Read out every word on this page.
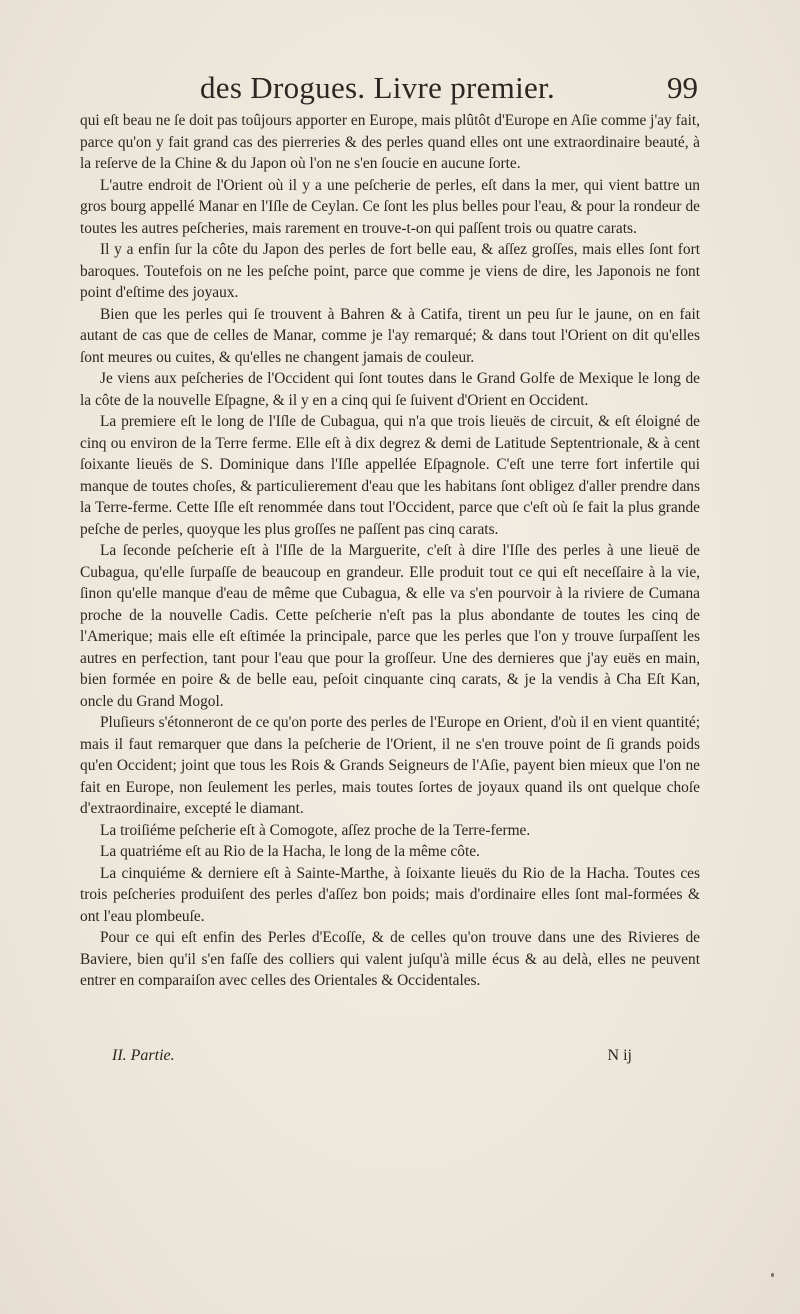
des Drogues. Livre premier.	99

qui eſt beau ne ſe doit pas toûjours apporter en Europe, mais plûtôt d'Europe en Aſie comme j'ay fait, parce qu'on y fait grand cas des pierreries & des perles quand elles ont une extraordinaire beauté, à la reſerve de la Chine & du Japon où l'on ne s'en ſoucie en aucune ſorte.

L'autre endroit de l'Orient où il y a une peſcherie de perles, eſt dans la mer, qui vient battre un gros bourg appellé Manar en l'Iſle de Ceylan. Ce ſont les plus belles pour l'eau, & pour la rondeur de toutes les autres peſcheries, mais rarement en trouve-t-on qui paſſent trois ou quatre carats.

Il y a enfin ſur la côte du Japon des perles de fort belle eau, & aſſez groſſes, mais elles ſont fort baroques. Toutefois on ne les peſche point, parce que comme je viens de dire, les Japonois ne font point d'eſtime des joyaux.

Bien que les perles qui ſe trouvent à Bahren & à Catifa, tirent un peu ſur le jaune, on en fait autant de cas que de celles de Manar, comme je l'ay remarqué; & dans tout l'Orient on dit qu'elles ſont meures ou cuites, & qu'elles ne changent jamais de couleur.

Je viens aux peſcheries de l'Occident qui ſont toutes dans le Grand Golfe de Mexique le long de la côte de la nouvelle Eſpagne, & il y en a cinq qui ſe ſuivent d'Orient en Occident.

La premiere eſt le long de l'Iſle de Cubagua, qui n'a que trois lieuës de circuit, & eſt éloigné de cinq ou environ de la Terre ferme. Elle eſt à dix degrez & demi de Latitude Septentrionale, & à cent ſoixante lieuës de S. Dominique dans l'Iſle appellée Eſpagnole. C'eſt une terre fort infertile qui manque de toutes choſes, & particulierement d'eau que les habitans ſont obligez d'aller prendre dans la Terre-ferme. Cette Iſle eſt renommée dans tout l'Occident, parce que c'eſt où ſe fait la plus grande peſche de perles, quoyque les plus groſſes ne paſſent pas cinq carats.

La ſeconde peſcherie eſt à l'Iſle de la Marguerite, c'eſt à dire l'Iſle des perles à une lieuë de Cubagua, qu'elle ſurpaſſe de beaucoup en grandeur. Elle produit tout ce qui eſt neceſſaire à la vie, ſinon qu'elle manque d'eau de même que Cubagua, & elle va s'en pourvoir à la riviere de Cumana proche de la nouvelle Cadis. Cette peſcherie n'eſt pas la plus abondante de toutes les cinq de l'Amerique; mais elle eſt eſtimée la principale, parce que les perles que l'on y trouve ſurpaſſent les autres en perfection, tant pour l'eau que pour la groſſeur. Une des dernieres que j'ay euës en main, bien formée en poire & de belle eau, peſoit cinquante cinq carats, & je la vendis à Cha Eſt Kan, oncle du Grand Mogol.

Pluſieurs s'étonneront de ce qu'on porte des perles de l'Europe en Orient, d'où il en vient quantité; mais il faut remarquer que dans la peſcherie de l'Orient, il ne s'en trouve point de ſi grands poids qu'en Occident; joint que tous les Rois & Grands Seigneurs de l'Aſie, payent bien mieux que l'on ne fait en Europe, non ſeulement les perles, mais toutes ſortes de joyaux quand ils ont quelque choſe d'extraordinaire, excepté le diamant.

La troiſiéme peſcherie eſt à Comogote, aſſez proche de la Terre-ferme.

La quatriéme eſt au Rio de la Hacha, le long de la même côte.

La cinquiéme & derniere eſt à Sainte-Marthe, à ſoixante lieuës du Rio de la Hacha. Toutes ces trois peſcheries produiſent des perles d'aſſez bon poids; mais d'ordinaire elles ſont mal-formées & ont l'eau plombeuſe.

Pour ce qui eſt enfin des Perles d'Ecoſſe, & de celles qu'on trouve dans une des Rivieres de Baviere, bien qu'il s'en faſſe des colliers qui valent juſqu'à mille écus & au delà, elles ne peuvent entrer en comparaiſon avec celles des Orientales & Occidentales.

II. Partie.	N ij
